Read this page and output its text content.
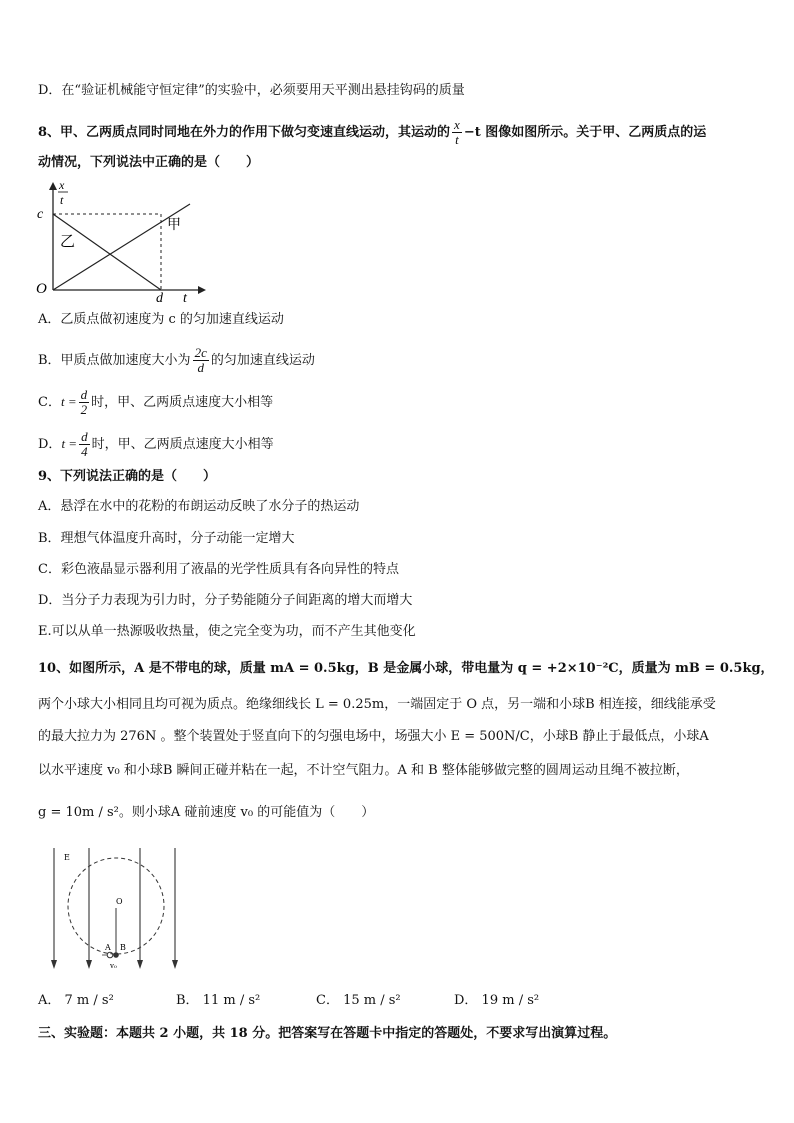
D．在“验证机械能守恒定律”的实验中，必须要用天平测出悬挂钩码的质量
8、甲、乙两质点同时同地在外力的作用下做匀变速直线运动，其运动的 $\frac{x}{t} -t$ 图像如图所示。关于甲、乙两质点的运
动情况，下列说法中正确的是（　　）
x
t
c
O
d t
甲
乙
A．乙质点做初速度为 c 的匀加速直线运动
B．甲质点做加速度大小为 $\frac{2c}{d}$ 的匀加速直线运动
C．$t = \frac{d}{2}$ 时，甲、乙两质点速度大小相等
D．$t = \frac{d}{4}$ 时，甲、乙两质点速度大小相等
9、下列说法正确的是（　　）
A．悬浮在水中的花粉的布朗运动反映了水分子的热运动
B．理想气体温度升高时，分子动能一定增大
C．彩色液晶显示器利用了液晶的光学性质具有各向异性的特点
D．当分子力表现为引力时，分子势能随分子间距离的增大而增大
E.可以从单一热源吸收热量，使之完全变为功，而不产生其他变化
10、如图所示，A 是不带电的球，质量 mA = 0.5kg，B 是金属小球，带电量为 q = +2×10⁻²C，质量为 mB = 0.5kg，
两个小球大小相同且均可视为质点。绝缘细线长 L = 0.25m，一端固定于 O 点，另一端和小球B 相连接，细线能承受
的最大拉力为 276N 。整个装置处于竖直向下的匀强电场中，场强大小 E = 500N/C，小球B 静止于最低点，小球A
以水平速度 v₀ 和小球B 瞬间正碰并粘在一起，不计空气阻力。A 和 B 整体能够做完整的圆周运动且绳不被拉断，
g = 10m / s²。则小球A 碰前速度 v₀ 的可能值为（　　）
E
O
A B
v₀
A． 7 m / s²	B． 11 m / s²	C． 15 m / s²	D． 19 m / s²
三、实验题：本题共 2 小题，共 18 分。把答案写在答题卡中指定的答题处，不要求写出演算过程。
